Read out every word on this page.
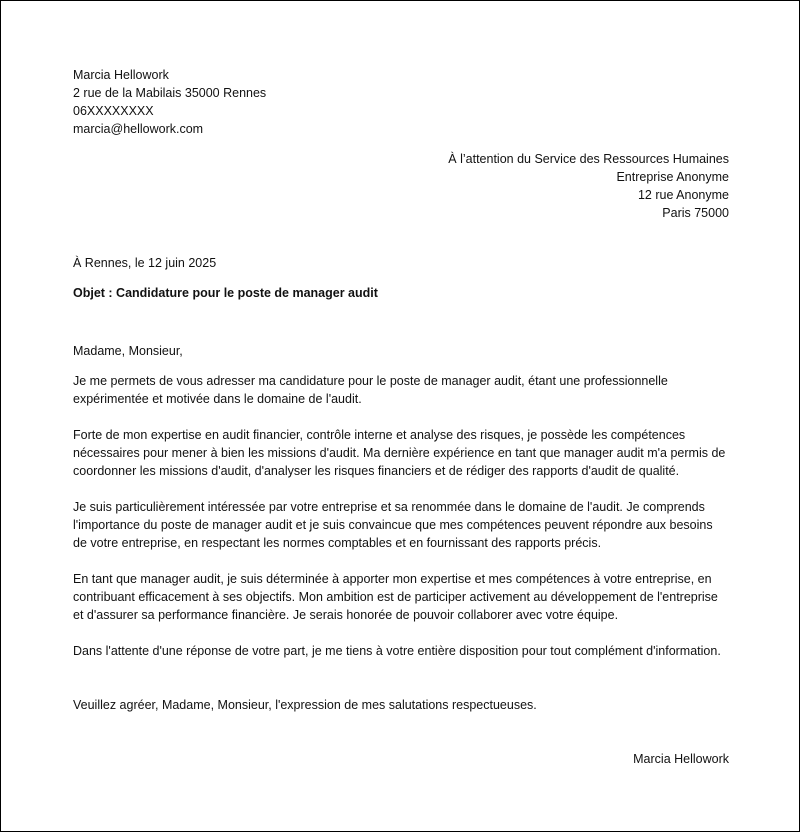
Marcia Hellowork
2 rue de la Mabilais 35000 Rennes
06XXXXXXXX
marcia@hellowork.com
À l’attention du Service des Ressources Humaines
Entreprise Anonyme
12 rue Anonyme
Paris 75000
À Rennes, le 12 juin 2025
Objet : Candidature pour le poste de manager audit
Madame, Monsieur,
Je me permets de vous adresser ma candidature pour le poste de manager audit, étant une professionnelle expérimentée et motivée dans le domaine de l'audit.
Forte de mon expertise en audit financier, contrôle interne et analyse des risques, je possède les compétences nécessaires pour mener à bien les missions d'audit. Ma dernière expérience en tant que manager audit m'a permis de coordonner les missions d'audit, d'analyser les risques financiers et de rédiger des rapports d'audit de qualité.
Je suis particulièrement intéressée par votre entreprise et sa renommée dans le domaine de l'audit. Je comprends l'importance du poste de manager audit et je suis convaincue que mes compétences peuvent répondre aux besoins de votre entreprise, en respectant les normes comptables et en fournissant des rapports précis.
En tant que manager audit, je suis déterminée à apporter mon expertise et mes compétences à votre entreprise, en contribuant efficacement à ses objectifs. Mon ambition est de participer activement au développement de l'entreprise et d'assurer sa performance financière. Je serais honorée de pouvoir collaborer avec votre équipe.
Dans l'attente d'une réponse de votre part, je me tiens à votre entière disposition pour tout complément d'information.
Veuillez agréer, Madame, Monsieur, l'expression de mes salutations respectueuses.
Marcia Hellowork
